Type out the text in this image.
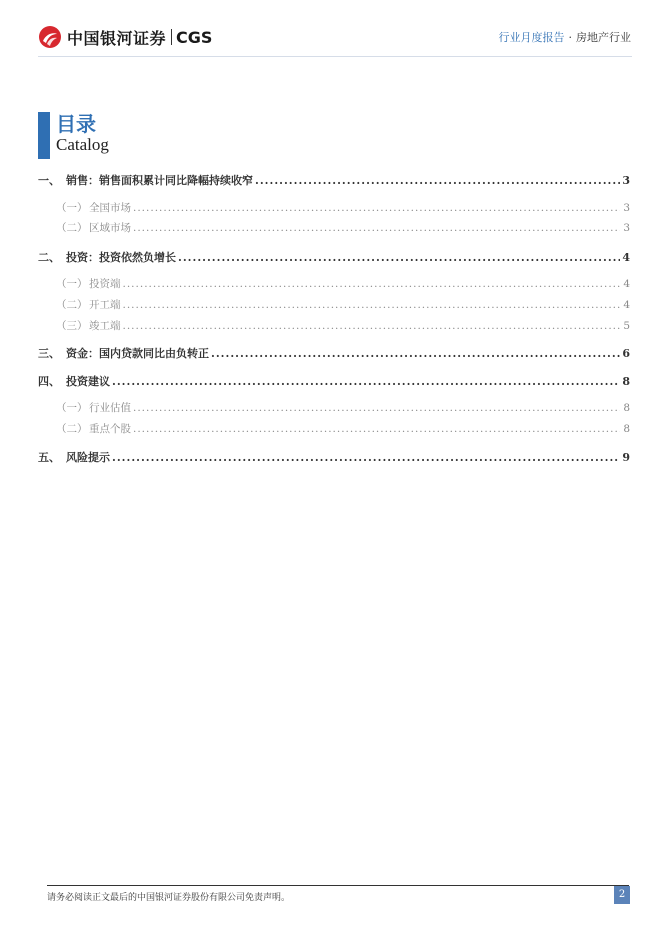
中国银河证券 CGS	行业月度报告 · 房地产行业
目录
Catalog
一、 销售：销售面积累计同比降幅持续收窄 .....	3
（一） 全国市场 .....	3
（二） 区域市场 .....	3
二、 投资：投资依然负增长 .....	4
（一） 投资端 .....	4
（二） 开工端 .....	4
（三） 竣工端 .....	5
三、 资金：国内贷款同比由负转正 .....	6
四、 投资建议 .....	8
（一） 行业估值 .....	8
（二） 重点个股 .....	8
五、 风险提示 .....	9
请务必阅读正文最后的中国银河证券股份有限公司免责声明。	2
